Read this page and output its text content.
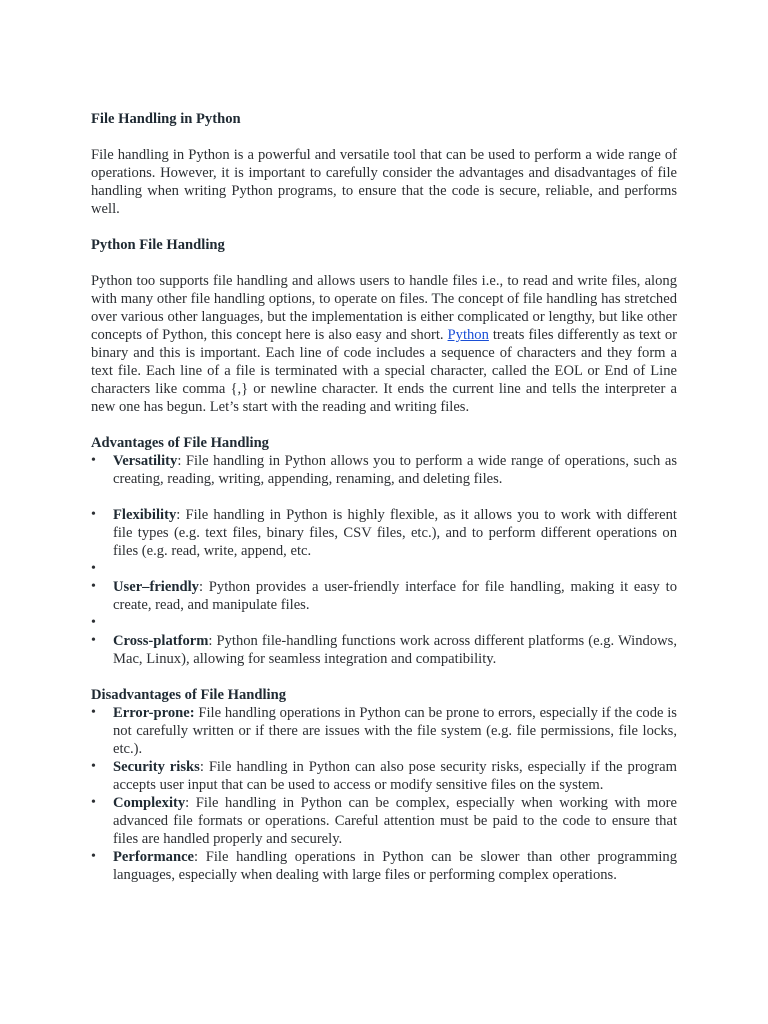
File Handling in Python

File handling in Python is a powerful and versatile tool that can be used to perform a wide range of operations. However, it is important to carefully consider the advantages and disadvantages of file handling when writing Python programs, to ensure that the code is secure, reliable, and performs well.

Python File Handling

Python too supports file handling and allows users to handle files i.e., to read and write files, along with many other file handling options, to operate on files. The concept of file handling has stretched over various other languages, but the implementation is either complicated or lengthy, but like other concepts of Python, this concept here is also easy and short. Python treats files differently as text or binary and this is important. Each line of code includes a sequence of characters and they form a text file. Each line of a file is terminated with a special character, called the EOL or End of Line characters like comma {,} or newline character. It ends the current line and tells the interpreter a new one has begun. Let’s start with the reading and writing files.

Advantages of File Handling

•	Versatility: File handling in Python allows you to perform a wide range of operations, such as creating, reading, writing, appending, renaming, and deleting files.
•	Flexibility: File handling in Python is highly flexible, as it allows you to work with different file types (e.g. text files, binary files, CSV files, etc.), and to perform different operations on files (e.g. read, write, append, etc.
•
•	User–friendly: Python provides a user-friendly interface for file handling, making it easy to create, read, and manipulate files.
•
•	Cross-platform: Python file-handling functions work across different platforms (e.g. Windows, Mac, Linux), allowing for seamless integration and compatibility.

Disadvantages of File Handling

•	Error-prone: File handling operations in Python can be prone to errors, especially if the code is not carefully written or if there are issues with the file system (e.g. file permissions, file locks, etc.).
•	Security risks: File handling in Python can also pose security risks, especially if the program accepts user input that can be used to access or modify sensitive files on the system.
•	Complexity: File handling in Python can be complex, especially when working with more advanced file formats or operations. Careful attention must be paid to the code to ensure that files are handled properly and securely.
•	Performance: File handling operations in Python can be slower than other programming languages, especially when dealing with large files or performing complex operations.
